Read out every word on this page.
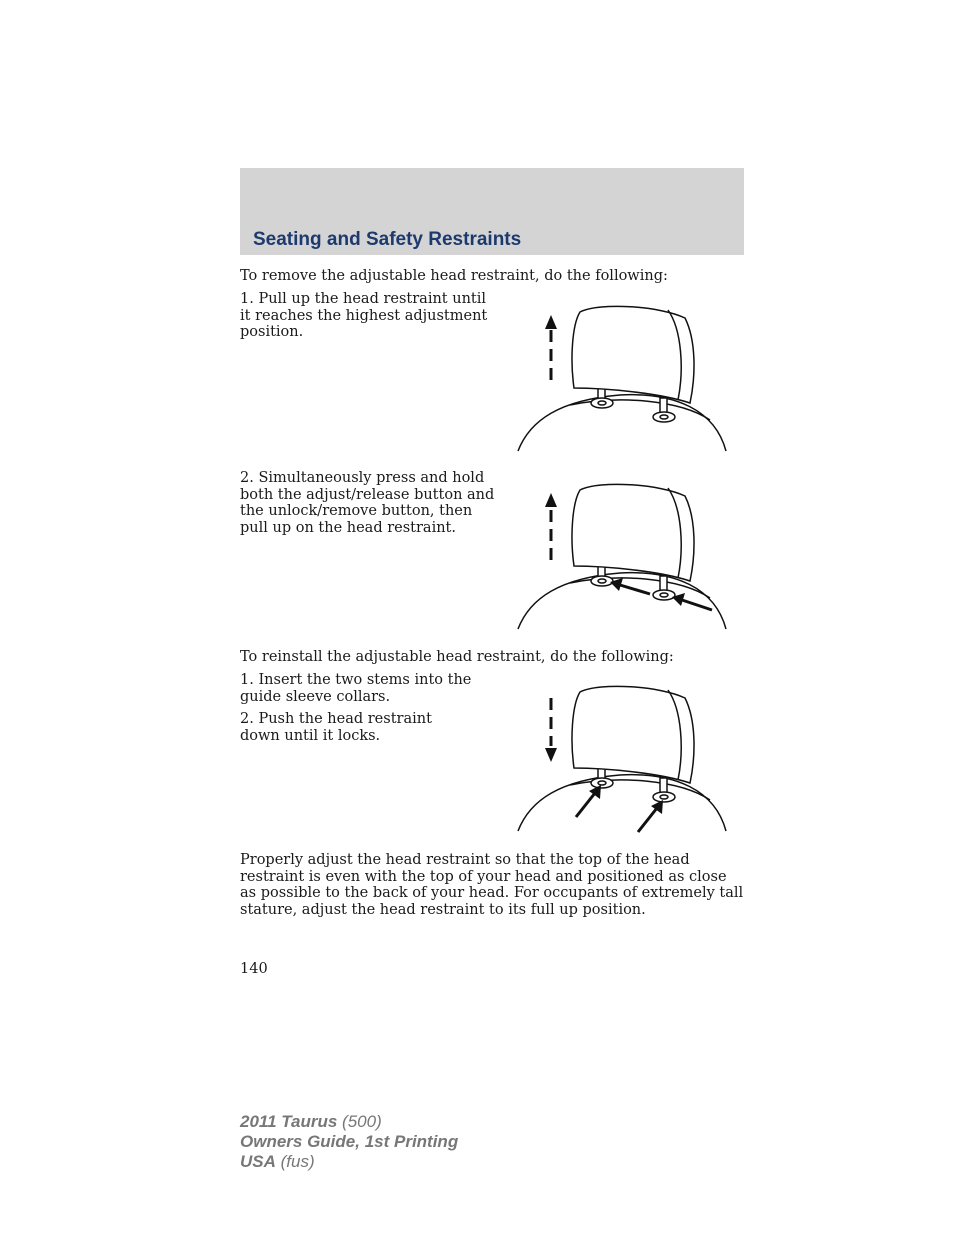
Seating and Safety Restraints

To remove the adjustable head restraint, do the following:

1. Pull up the head restraint until it reaches the highest adjustment position.

2. Simultaneously press and hold both the adjust/release button and the unlock/remove button, then pull up on the head restraint.

To reinstall the adjustable head restraint, do the following:

1. Insert the two stems into the guide sleeve collars.

2. Push the head restraint down until it locks.

Properly adjust the head restraint so that the top of the head restraint is even with the top of your head and positioned as close as possible to the back of your head. For occupants of extremely tall stature, adjust the head restraint to its full up position.

140

2011 Taurus (500)
Owners Guide, 1st Printing
USA (fus)
